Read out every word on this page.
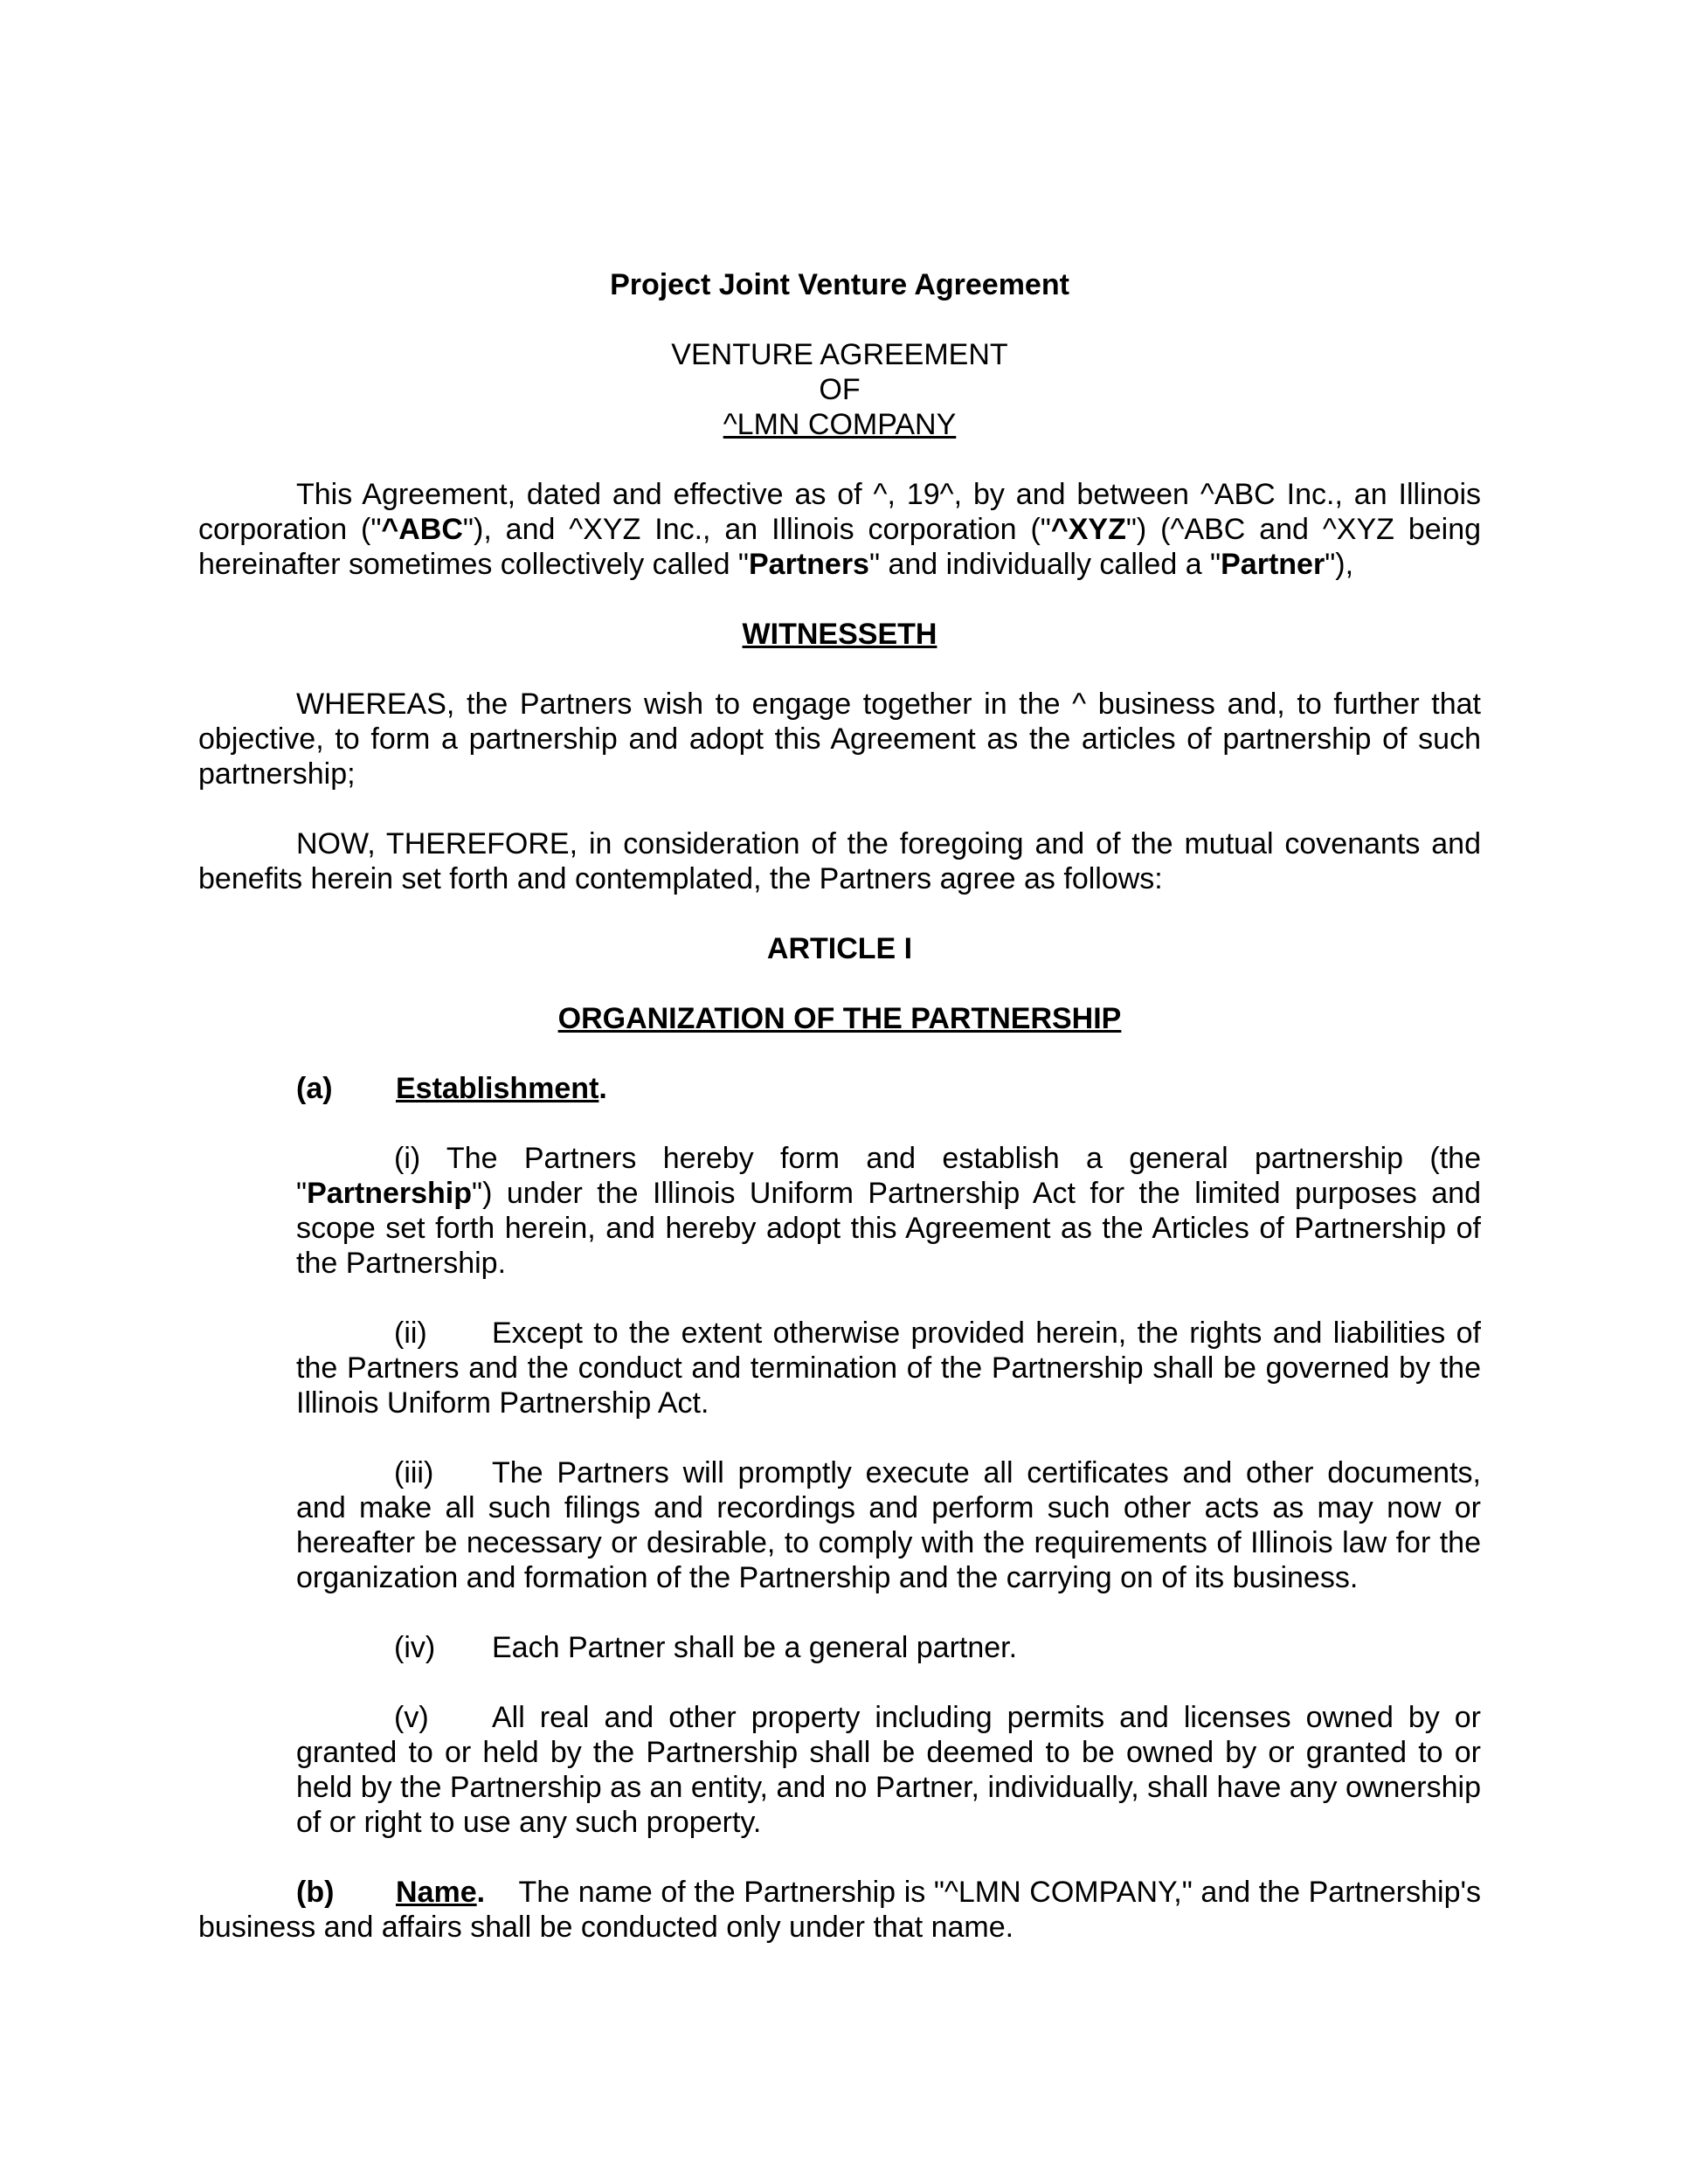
Project Joint Venture Agreement

VENTURE AGREEMENT

OF

^LMN COMPANY

This Agreement, dated and effective as of ^, 19^, by and between ^ABC Inc., an Illinois corporation ("^ABC"), and ^XYZ Inc., an Illinois corporation ("^XYZ") (^ABC and ^XYZ being hereinafter sometimes collectively called "Partners" and individually called a "Partner"),

WITNESSETH

WHEREAS, the Partners wish to engage together in the ^ business and, to further that objective, to form a partnership and adopt this Agreement as the articles of partnership of such partnership;

NOW, THEREFORE, in consideration of the foregoing and of the mutual covenants and benefits herein set forth and contemplated, the Partners agree as follows:

ARTICLE I

ORGANIZATION OF THE PARTNERSHIP

(a) Establishment.

(i) The Partners hereby form and establish a general partnership (the "Partnership") under the Illinois Uniform Partnership Act for the limited purposes and scope set forth herein, and hereby adopt this Agreement as the Articles of Partnership of the Partnership.

(ii) Except to the extent otherwise provided herein, the rights and liabilities of the Partners and the conduct and termination of the Partnership shall be governed by the Illinois Uniform Partnership Act.

(iii) The Partners will promptly execute all certificates and other documents, and make all such filings and recordings and perform such other acts as may now or hereafter be necessary or desirable, to comply with the requirements of Illinois law for the organization and formation of the Partnership and the carrying on of its business.

(iv) Each Partner shall be a general partner.

(v) All real and other property including permits and licenses owned by or granted to or held by the Partnership shall be deemed to be owned by or granted to or held by the Partnership as an entity, and no Partner, individually, shall have any ownership of or right to use any such property.

(b) Name. The name of the Partnership is "^LMN COMPANY," and the Partnership's business and affairs shall be conducted only under that name.
